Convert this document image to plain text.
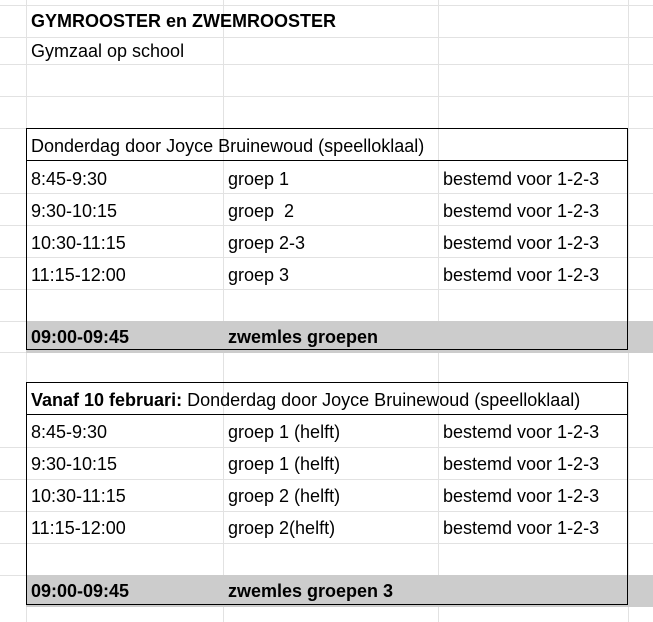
GYMROOSTER en ZWEMROOSTER
Gymzaal op school
Donderdag door Joyce Bruinewoud (speelloklaal)
8:45-9:30	groep 1	bestemd voor 1-2-3
9:30-10:15	groep  2	bestemd voor 1-2-3
10:30-11:15	groep 2-3	bestemd voor 1-2-3
11:15-12:00	groep 3	bestemd voor 1-2-3
09:00-09:45	zwemles groepen
Vanaf 10 februari: Donderdag door Joyce Bruinewoud (speelloklaal)
8:45-9:30	groep 1 (helft)	bestemd voor 1-2-3
9:30-10:15	groep 1 (helft)	bestemd voor 1-2-3
10:30-11:15	groep 2 (helft)	bestemd voor 1-2-3
11:15-12:00	groep 2(helft)	bestemd voor 1-2-3
09:00-09:45	zwemles groepen 3
